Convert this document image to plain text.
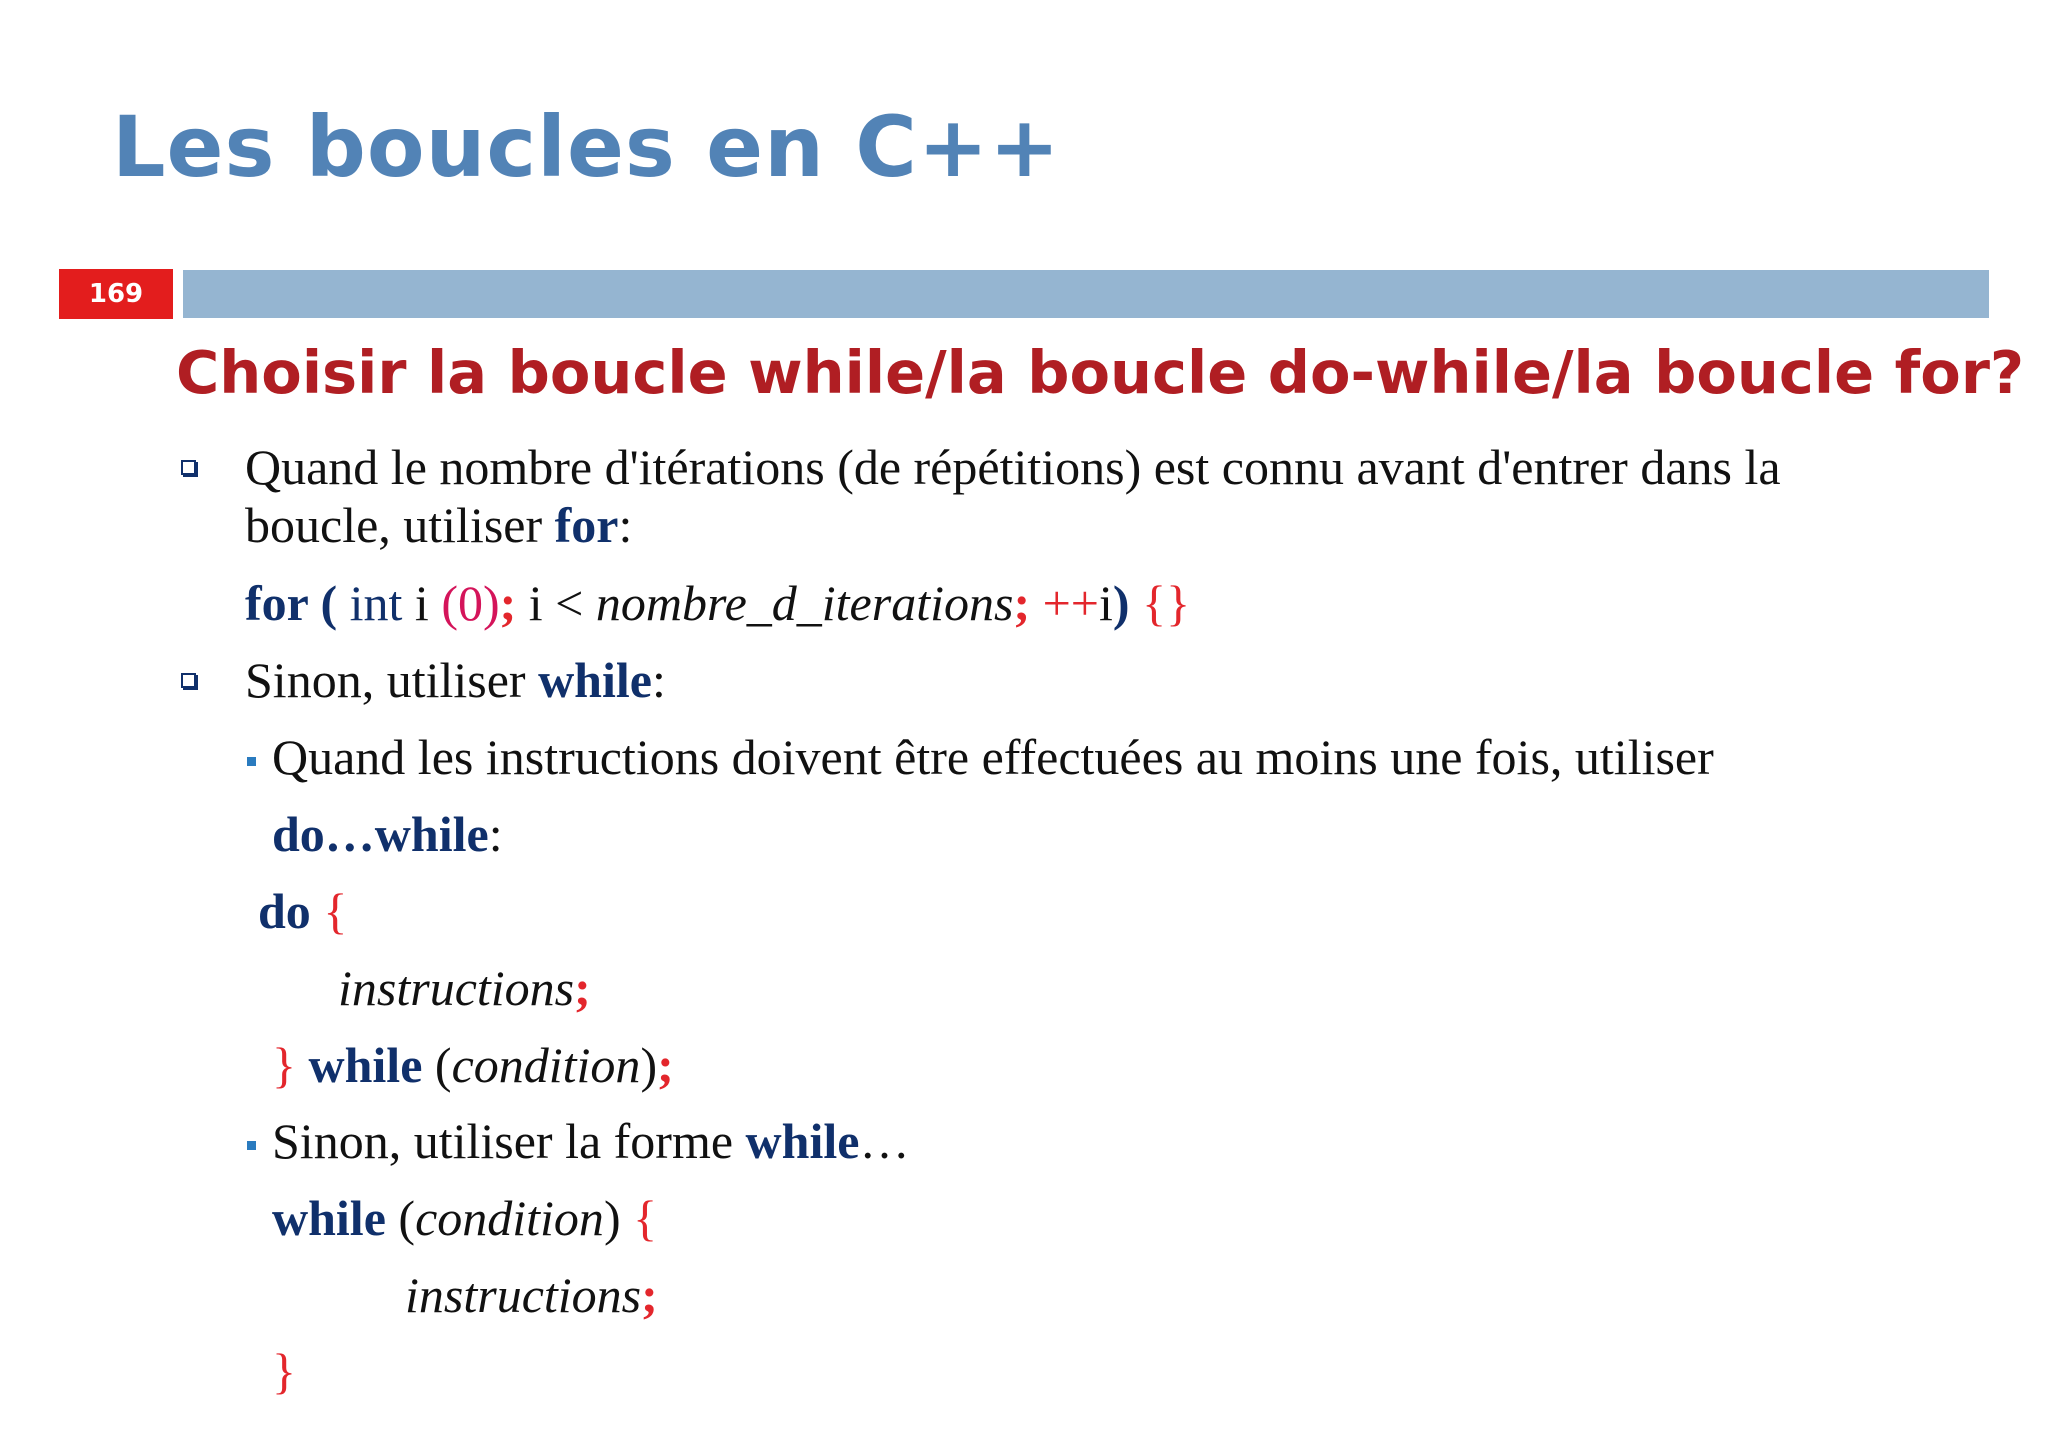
Les boucles en C++
169
Choisir la boucle while/la boucle do-while/la boucle for?
Quand le nombre d'itérations (de répétitions) est connu avant d'entrer dans la
boucle, utiliser for:
for ( int i (0); i < nombre_d_iterations; ++i) {}
Sinon, utiliser while:
Quand les instructions doivent être effectuées au moins une fois, utiliser
do…while:
do {
instructions;
} while (condition);
Sinon, utiliser la forme while…
while (condition) {
instructions;
}
